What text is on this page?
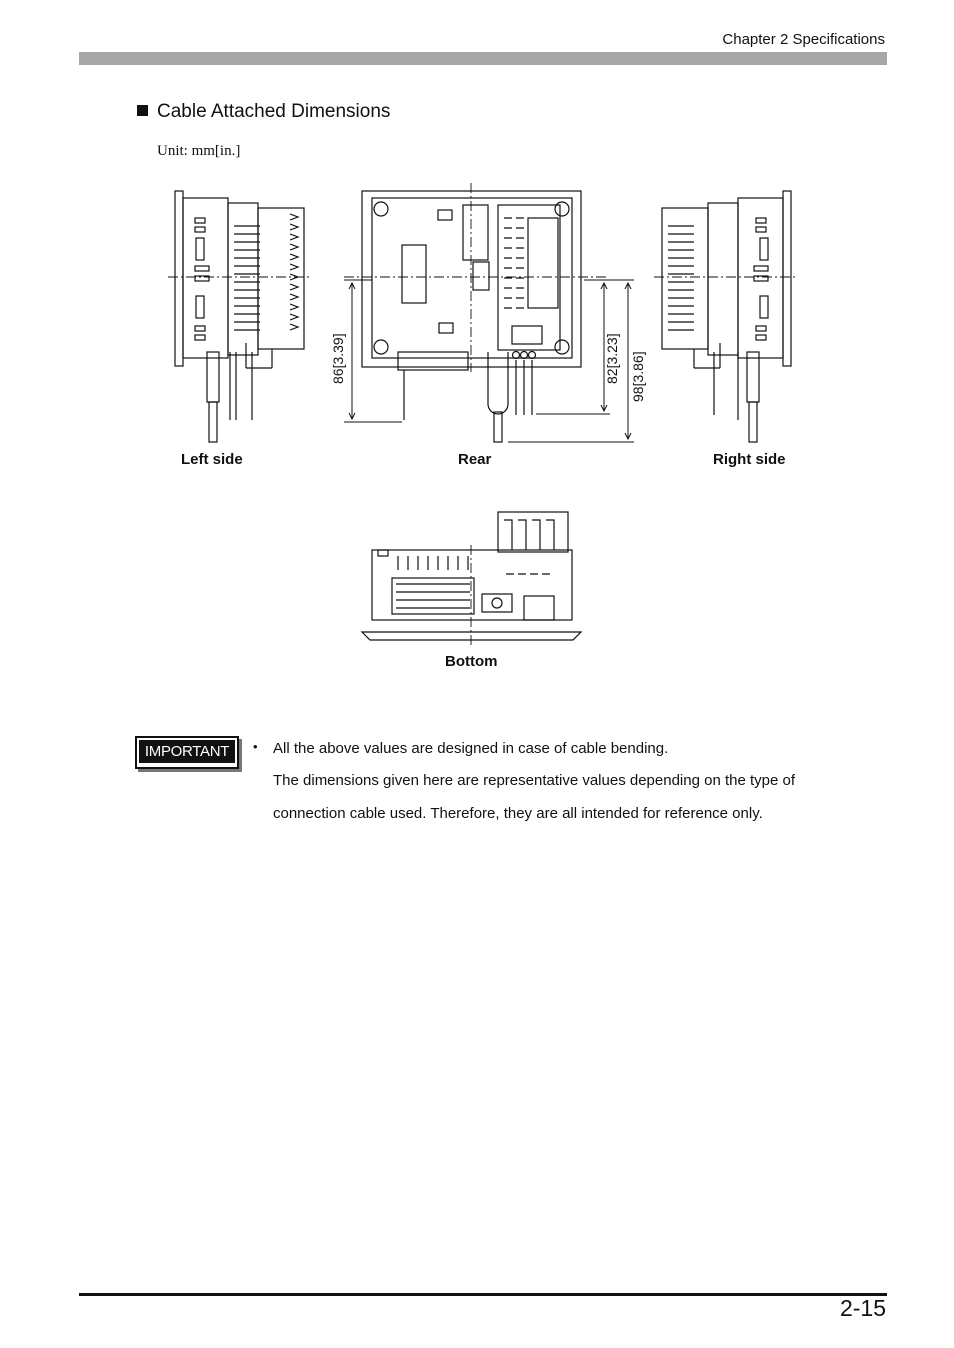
Chapter 2 Specifications
Cable Attached Dimensions
Unit: mm[in.]
86[3.39]	82[3.23] 98[3.86]
Left side	Rear	Right side
Bottom
IMPORTANT	• All the above values are designed in case of cable bending.
The dimensions given here are representative values depending on the type of
connection cable used. Therefore, they are all intended for reference only.
2-15
